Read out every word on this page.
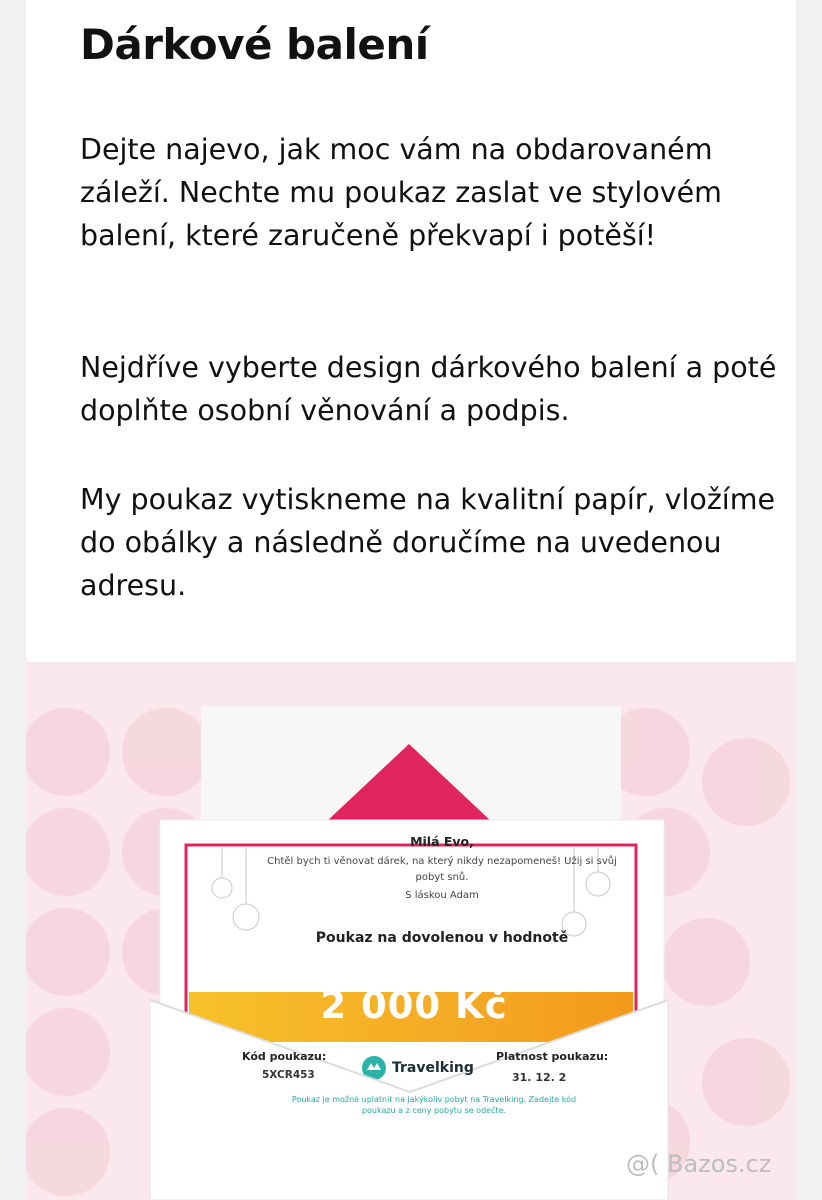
Dárkové balení

Dejte najevo, jak moc vám na obdarovaném záleží. Nechte mu poukaz zaslat ve stylovém balení, které zaručeně překvapí i potěší!

Nejdříve vyberte design dárkového balení a poté doplňte osobní věnování a podpis.

My poukaz vytiskneme na kvalitní papír, vložíme do obálky a následně doručíme na uvedenou adresu.

Milá Evo,
Chtěl bych ti věnovat dárek, na který nikdy nezapomeneš! Užij si svůj pobyt snů.
S láskou Adam
Poukaz na dovolenou v hodnotě
2 000 Kč
Kód poukazu:
5XCR453	Travelking
Platnost poukazu:
31. 12. 2
Poukaz je možné uplatnit na jakýkoliv pobyt na Travelking. Zadejte kód poukazu a z ceny pobytu se odečte.
@( Bazos.cz
